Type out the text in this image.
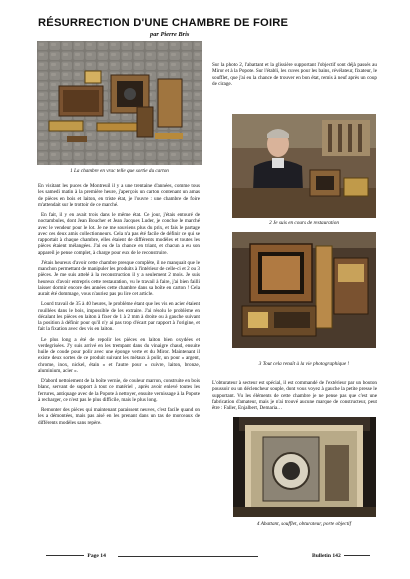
RÉSURRECTION D'UNE CHAMBRE DE FOIRE

par Pierre Bris

1 La chambre en vrac telle que sortie du carton

En visitant les puces de Montreuil il y a une trentaine d'années, comme tous les samedi matin à la première heure, j'aperçois un carton contenant un amas de pièces en bois et laiton, en triste état, je l'ouvre : une chambre de foire m'attendait sur le trottoir de ce marché.

En fait, il y en avait trois dans le même état. Ce jour, j'étais entouré de noctambules, dont Jean Boucher et Jean Jacques Luder, je conclue le marché avec le vendeur pour le lot. Je ne me souviens plus du prix, et fais le partage avec ces deux amis collectionneurs. Cela n'a pas été facile de définir ce qui se rapportait à chaque chambre, elles étaient de différents modèles et toutes les pièces étaient mélangées. J'ai eu de la chance en triant, et chacun a eu son appareil je pense complet, à charge pour eux de le reconstruire.

J'étais heureux d'avoir cette chambre presque complète, il ne manquait que le manchon permettant de manipuler les produits à l'intérieur de celle-ci et 2 ou 3 pièces. Je me suis attelé à la reconstruction il y a seulement 2 mois. Je suis heureux d'avoir entrepris cette restauration, vu le travail à faire, j'ai bien failli laisser dormir encore des années cette chambre dans sa boîte en carton ! Cela aurait été dommage, vous n'auriez pas pu lire cet article.

Lourd travail de 35 à 40 heures, le problème étant que les vis en acier étaient rouillées dans le bois, impossible de les extraire. J'ai résolu le problème en décalant les pièces en laiton à fixer de 1 à 2 mm à droite ou à gauche suivant la position à définir pour qu'il n'y ai pas trop d'écart par rapport à l'origine, et fait la fixation avec des vis en laiton.

Le plus long a été de repolir les pièces en laiton bien oxydées et verdegrisées. J'y suis arrivé en les trempant dans du vinaigre chaud, ensuite huile de coude pour polir avec une éponge verte et du Miror. Maintenant il existe deux sortes de ce produit suivant les métaux à polir, un pour « argent, chrome, inox, nickel, étain » et l'autre pour « cuivre, laiton, bronze, aluminium, acier ».

D'abord nettoiement de la boîte vernie, de couleur marron, construite en bois blanc, servant de support à tout ce matériel , après avoir enlevé toutes les ferrures, antiquage avec de la Popote à nettoyer, ensuite vernissage à la Popote à recharger, ce n'est pas le plus difficile, mais le plus long.

Remonter des pièces qui maintenant paraissent neuves, c'est facile quand on les a démontées, mais pas aisé en les prenant dans un tas de morceaux de différents modèles sans repère.

Sur la photo 2, l'abattant et la glissière supportant l'objectif sont déjà passés au Miror et à la Popote. Sur l'établi, les cuves pour les bains, révélateur, fixateur, le soufflet, que j'ai eu la chance de trouver en bon état, remis à neuf après un coup de cirage.

2 Je suis en cours de restauration
3 Tout cela renaît à la vie photographique !

L'obturateur à secteur est spécial, il est commandé de l'extérieur par un bouton poussoir ou un déclencheur souple, dont vous voyez à gauche la petite presse le supportant. Vu les éléments de cette chambre je ne pense pas que c'est une fabrication d'amateur, mais je n'ai trouvé aucune marque de constructeur, peut être : Faller, Enjalbert, Demaria…

4 Abattant, soufflet, obturateur, porte objectif
Page 14	Bulletin 142
